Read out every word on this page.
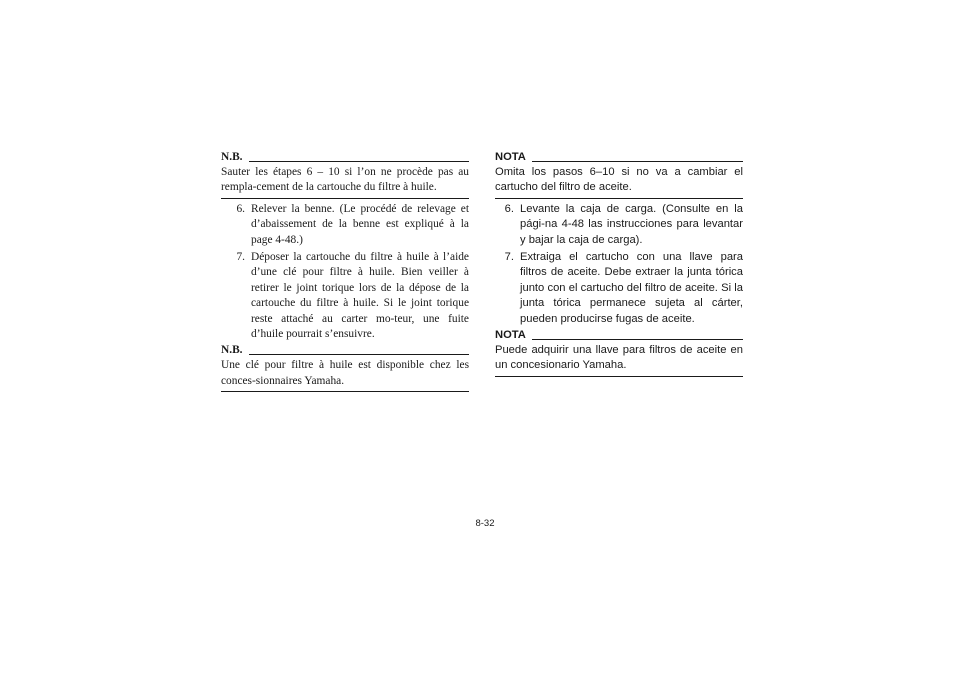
N.B.

Sauter les étapes 6 – 10 si l’on ne procède pas au rempla-cement de la cartouche du filtre à huile.

6. Relever la benne. (Le procédé de relevage et d’abaissement de la benne est expliqué à la page 4-48.)
7. Déposer la cartouche du filtre à huile à l’aide d’une clé pour filtre à huile. Bien veiller à retirer le joint torique lors de la dépose de la cartouche du filtre à huile. Si le joint torique reste attaché au carter mo-teur, une fuite d’huile pourrait s’ensuivre.
N.B.

Une clé pour filtre à huile est disponible chez les conces-sionnaires Yamaha.

NOTA

Omita los pasos 6–10 si no va a cambiar el cartucho del filtro de aceite.

6. Levante la caja de carga. (Consulte en la pági-na 4-48 las instrucciones para levantar y bajar la caja de carga).
7. Extraiga el cartucho con una llave para filtros de aceite. Debe extraer la junta tórica junto con el cartucho del filtro de aceite. Si la junta tórica permanece sujeta al cárter, pueden producirse fugas de aceite.
NOTA

Puede adquirir una llave para filtros de aceite en un concesionario Yamaha.

8-32
